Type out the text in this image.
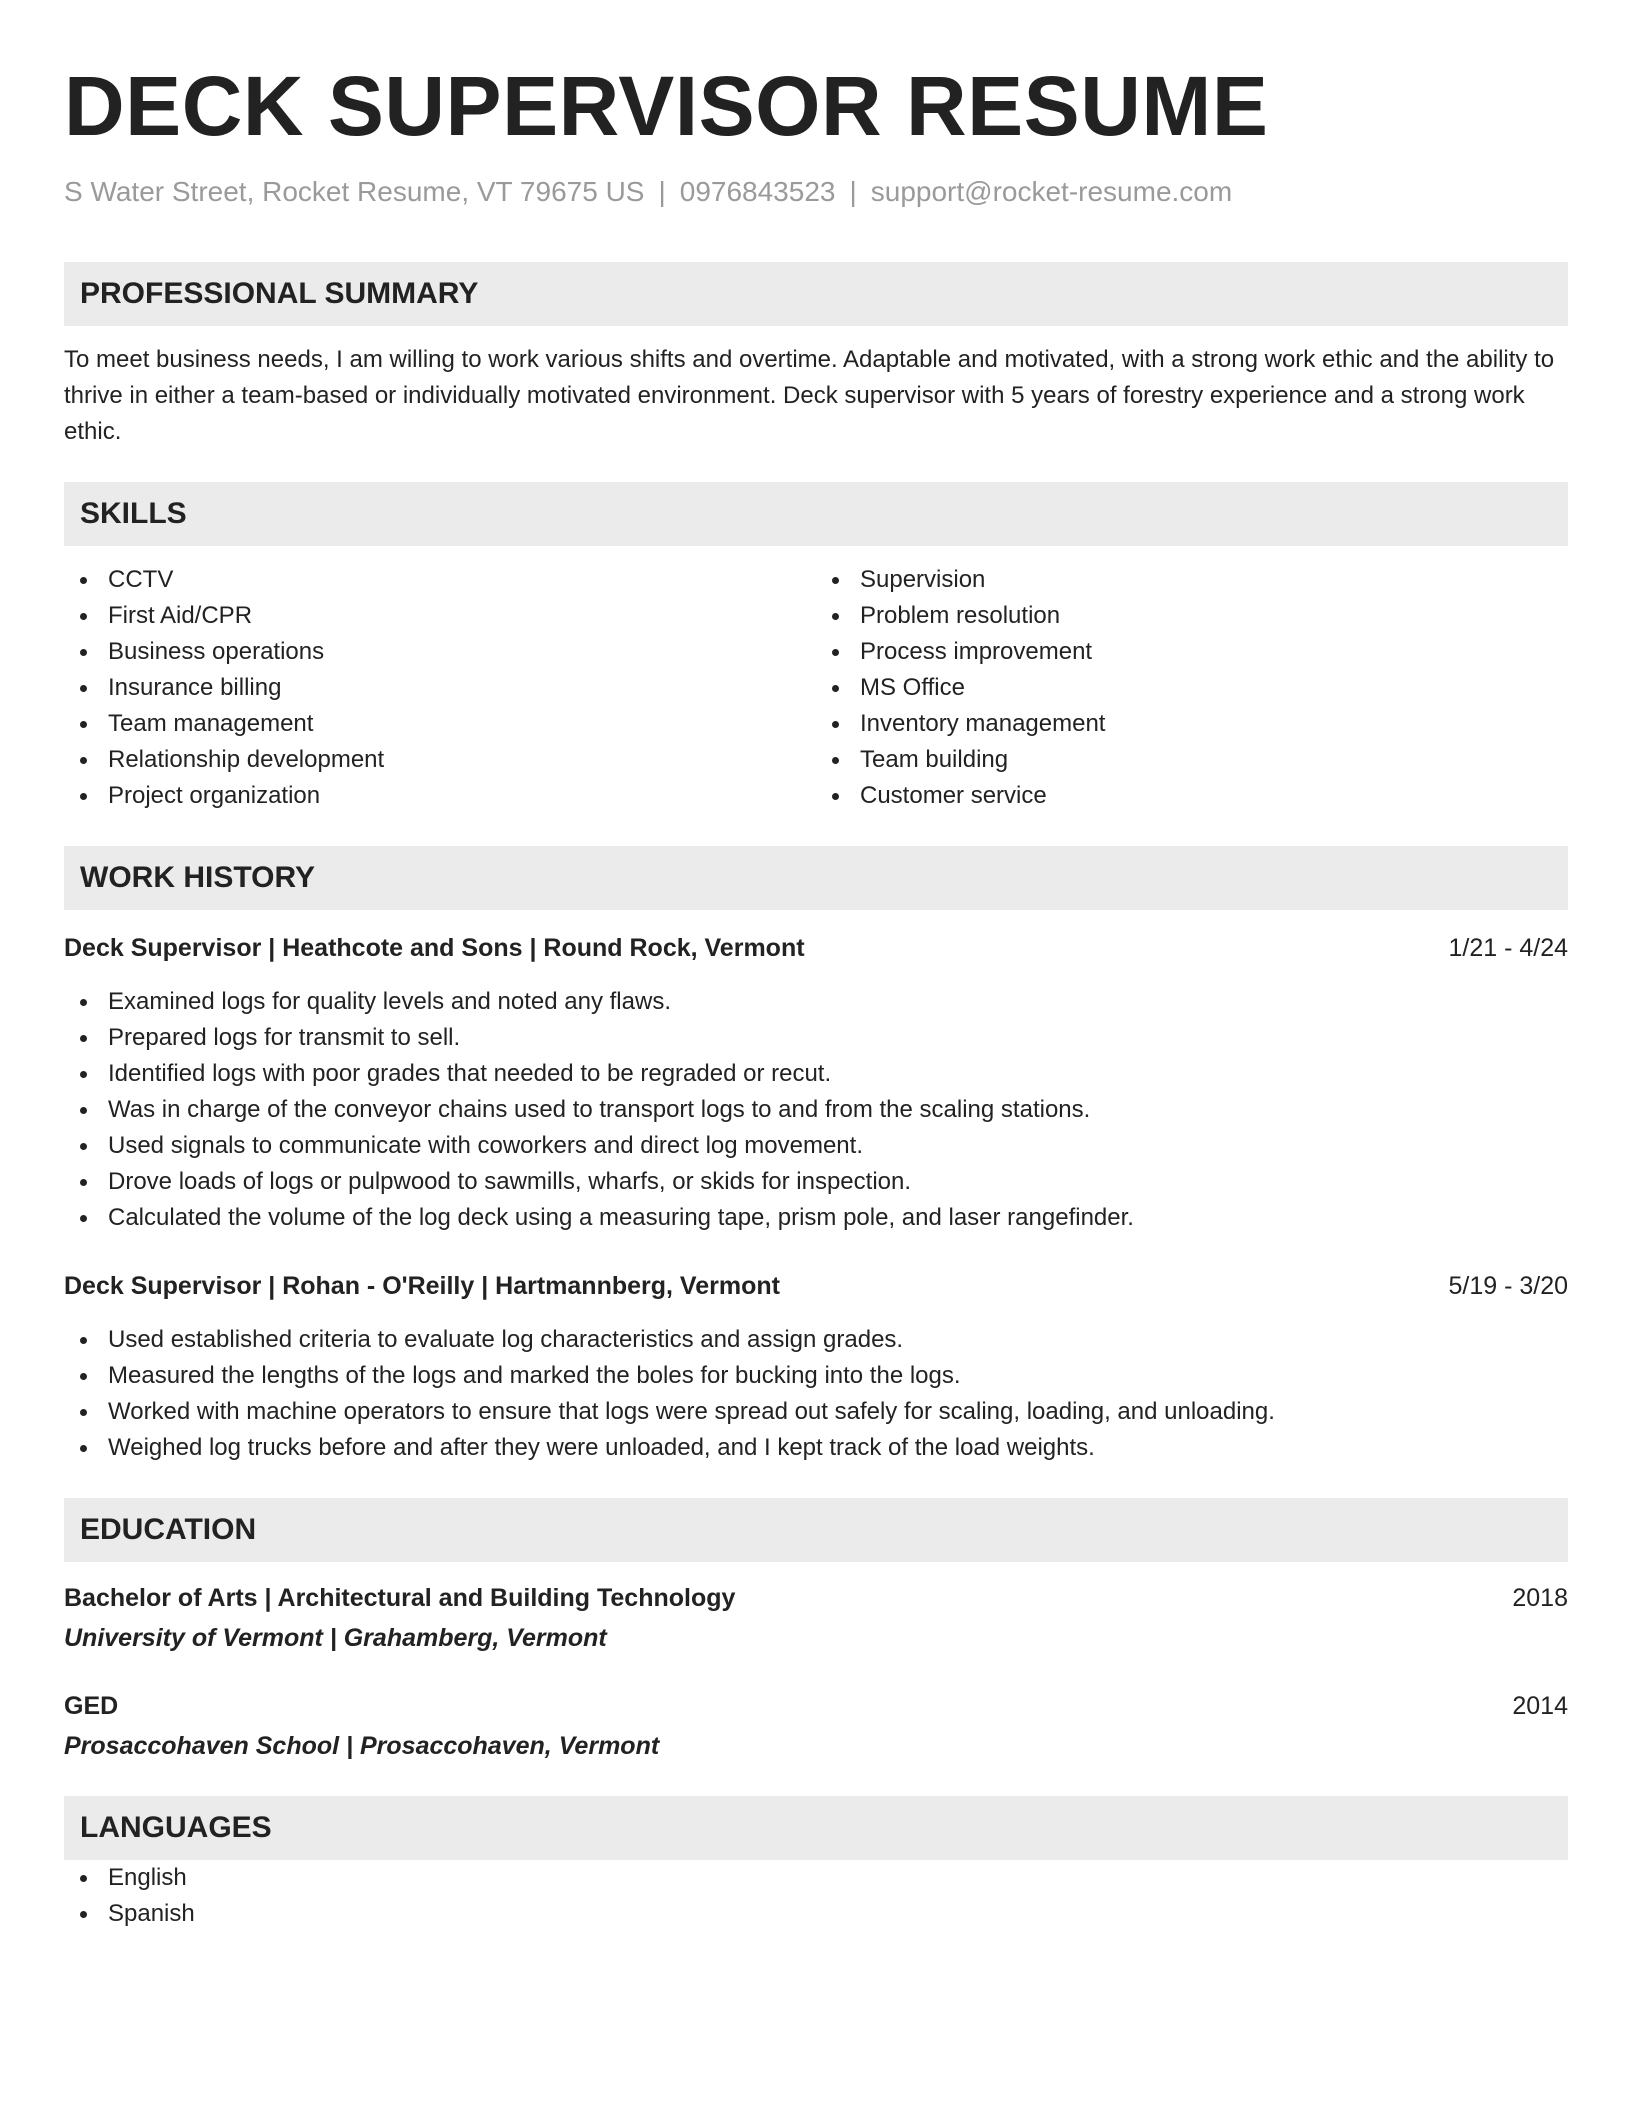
DECK SUPERVISOR RESUME
S Water Street, Rocket Resume, VT 79675 US | 0976843523 | support@rocket-resume.com
PROFESSIONAL SUMMARY
To meet business needs, I am willing to work various shifts and overtime. Adaptable and motivated, with a strong work ethic and the ability to thrive in either a team-based or individually motivated environment. Deck supervisor with 5 years of forestry experience and a strong work ethic.
SKILLS
CCTV
First Aid/CPR
Business operations
Insurance billing
Team management
Relationship development
Project organization
Supervision
Problem resolution
Process improvement
MS Office
Inventory management
Team building
Customer service
WORK HISTORY
Deck Supervisor | Heathcote and Sons | Round Rock, Vermont	1/21 - 4/24
Examined logs for quality levels and noted any flaws.
Prepared logs for transmit to sell.
Identified logs with poor grades that needed to be regraded or recut.
Was in charge of the conveyor chains used to transport logs to and from the scaling stations.
Used signals to communicate with coworkers and direct log movement.
Drove loads of logs or pulpwood to sawmills, wharfs, or skids for inspection.
Calculated the volume of the log deck using a measuring tape, prism pole, and laser rangefinder.
Deck Supervisor | Rohan - O'Reilly | Hartmannberg, Vermont	5/19 - 3/20
Used established criteria to evaluate log characteristics and assign grades.
Measured the lengths of the logs and marked the boles for bucking into the logs.
Worked with machine operators to ensure that logs were spread out safely for scaling, loading, and unloading.
Weighed log trucks before and after they were unloaded, and I kept track of the load weights.
EDUCATION
Bachelor of Arts | Architectural and Building Technology	2018
University of Vermont | Grahamberg, Vermont
GED	2014
Prosaccohaven School | Prosaccohaven, Vermont
LANGUAGES
English
Spanish
